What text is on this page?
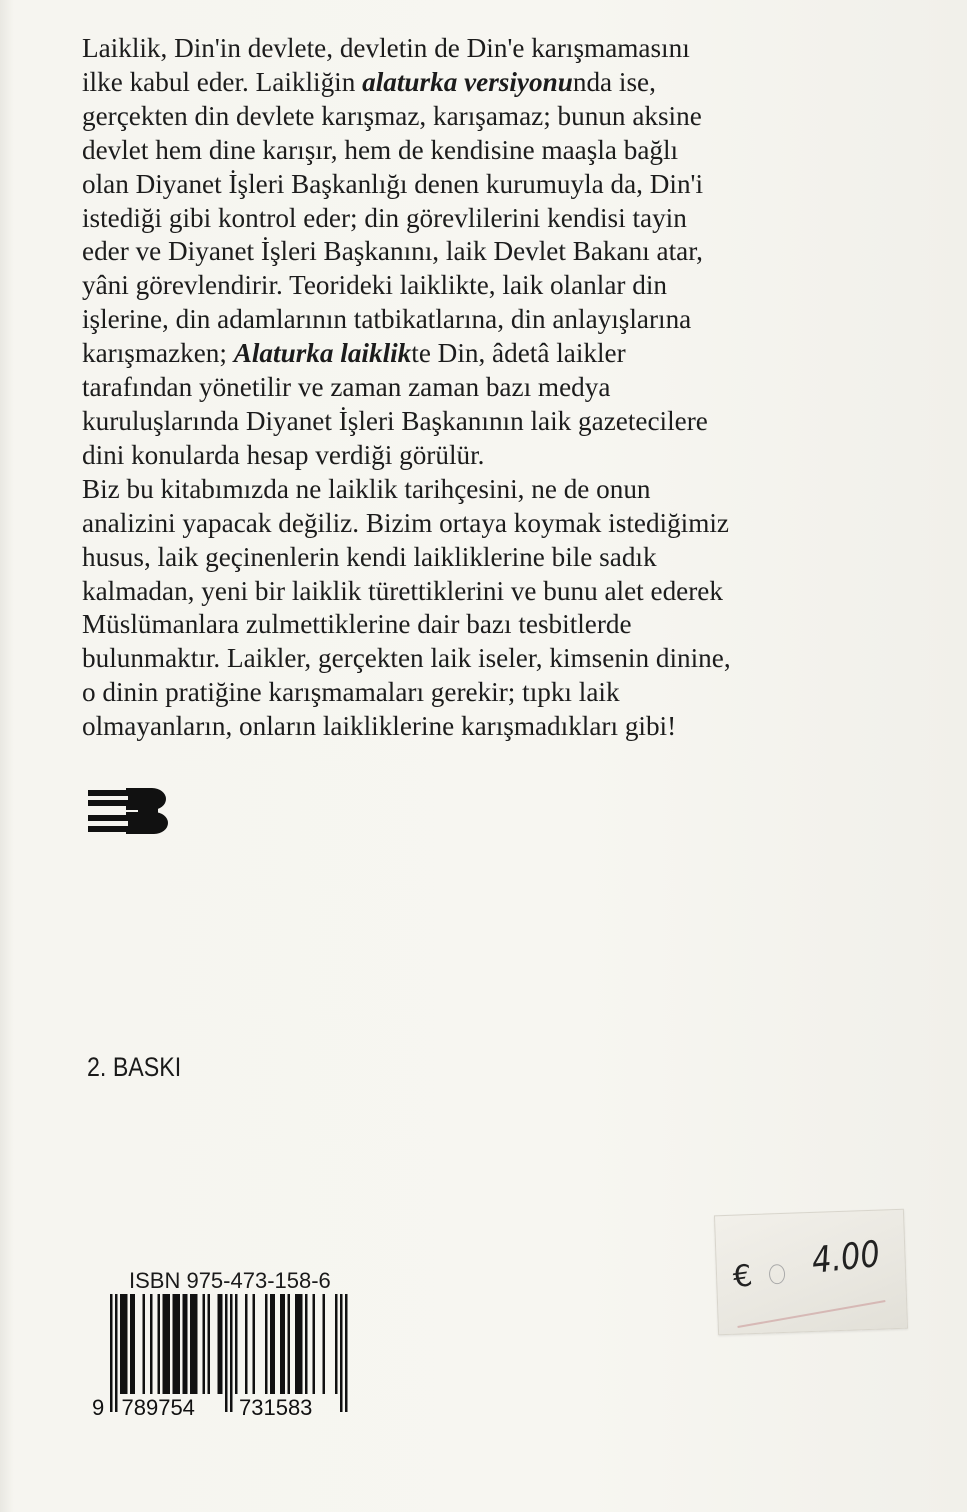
Laiklik, Din'in devlete, devletin de Din'e karışmamasını
ilke kabul eder. Laikliğin alaturka versiyonunda ise,
gerçekten din devlete karışmaz, karışamaz; bunun aksine
devlet hem dine karışır, hem de kendisine maaşla bağlı
olan Diyanet İşleri Başkanlığı denen kurumuyla da, Din'i
istediği gibi kontrol eder; din görevlilerini kendisi tayin
eder ve Diyanet İşleri Başkanını, laik Devlet Bakanı atar,
yâni görevlendirir. Teorideki laiklikte, laik olanlar din
işlerine, din adamlarının tatbikatlarına, din anlayışlarına
karışmazken; Alaturka laiklikte Din, âdetâ laikler
tarafından yönetilir ve zaman zaman bazı medya
kuruluşlarında Diyanet İşleri Başkanının laik gazetecilere
dini konularda hesap verdiği görülür.
Biz bu kitabımızda ne laiklik tarihçesini, ne de onun
analizini yapacak değiliz. Bizim ortaya koymak istediğimiz
husus, laik geçinenlerin kendi laikliklerine bile sadık
kalmadan, yeni bir laiklik türettiklerini ve bunu alet ederek
Müslümanlara zulmettiklerine dair bazı tesbitlerde
bulunmaktır. Laikler, gerçekten laik iseler, kimsenin dinine,
o dinin pratiğine karışmamaları gerekir; tıpkı laik
olmayanların, onların laikliklerine karışmadıkları gibi!
2. BASKI
ISBN 975-473-158-6
9 789754 731583
€ 4.00
